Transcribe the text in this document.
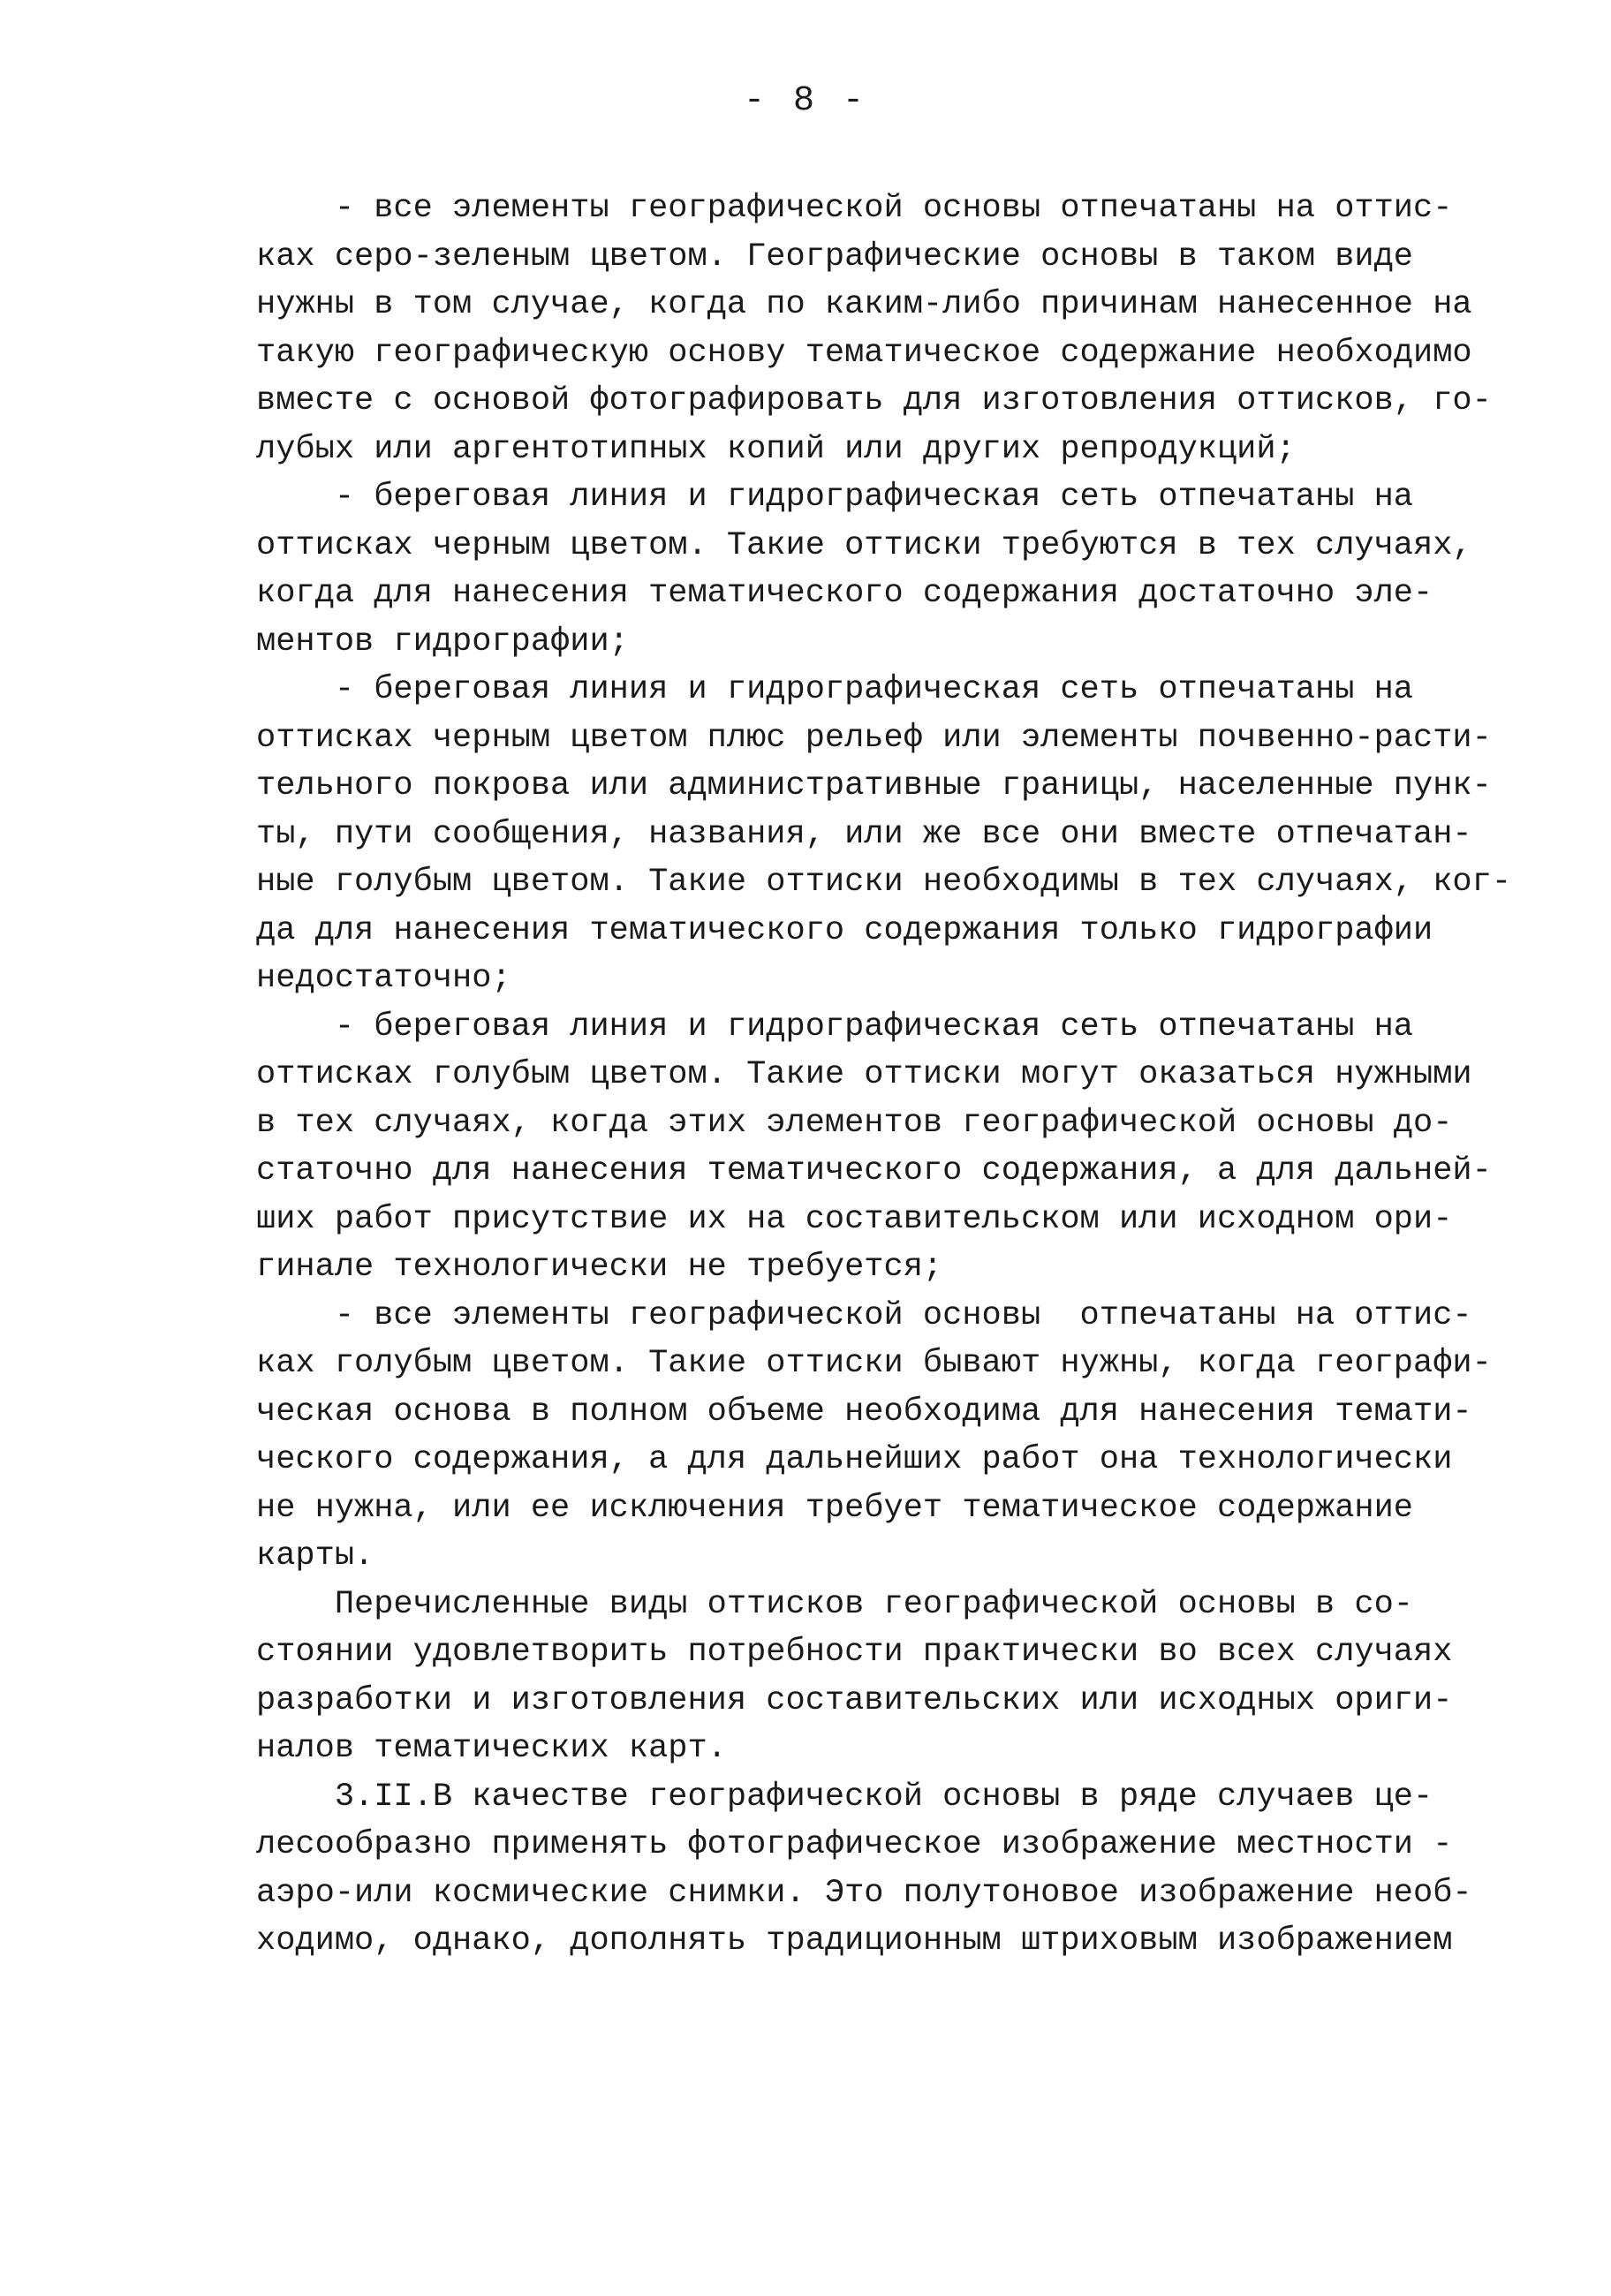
- 8 -
- все элементы географической основы отпечатаны на оттис-
ках серо-зеленым цветом. Географические основы в таком виде
нужны в том случае, когда по каким-либо причинам нанесенное на
такую географическую основу тематическое содержание необходимо
вместе с основой фотографировать для изготовления оттисков, го-
лубых или аргентотипных копий или других репродукций;
- береговая линия и гидрографическая сеть отпечатаны на
оттисках черным цветом. Такие оттиски требуются в тех случаях,
когда для нанесения тематического содержания достаточно эле-
ментов гидрографии;
- береговая линия и гидрографическая сеть отпечатаны на
оттисках черным цветом плюс рельеф или элементы почвенно-расти-
тельного покрова или административные границы, населенные пунк-
ты, пути сообщения, названия, или же все они вместе отпечатан-
ные голубым цветом. Такие оттиски необходимы в тех случаях, ког-
да для нанесения тематического содержания только гидрографии
недостаточно;
- береговая линия и гидрографическая сеть отпечатаны на
оттисках голубым цветом. Такие оттиски могут оказаться нужными
в тех случаях, когда этих элементов географической основы до-
статочно для нанесения тематического содержания, а для дальней-
ших работ присутствие их на составительском или исходном ори-
гинале технологически не требуется;
- все элементы географической основы  отпечатаны на оттис-
ках голубым цветом. Такие оттиски бывают нужны, когда географи-
ческая основа в полном объеме необходима для нанесения темати-
ческого содержания, а для дальнейших работ она технологически
не нужна, или ее исключения требует тематическое содержание
карты.
Перечисленные виды оттисков географической основы в со-
стоянии удовлетворить потребности практически во всех случаях
разработки и изготовления составительских или исходных ориги-
налов тематических карт.
3.II.В качестве географической основы в ряде случаев це-
лесообразно применять фотографическое изображение местности -
аэро-или космические снимки. Это полутоновое изображение необ-
ходимо, однако, дополнять традиционным штриховым изображением
